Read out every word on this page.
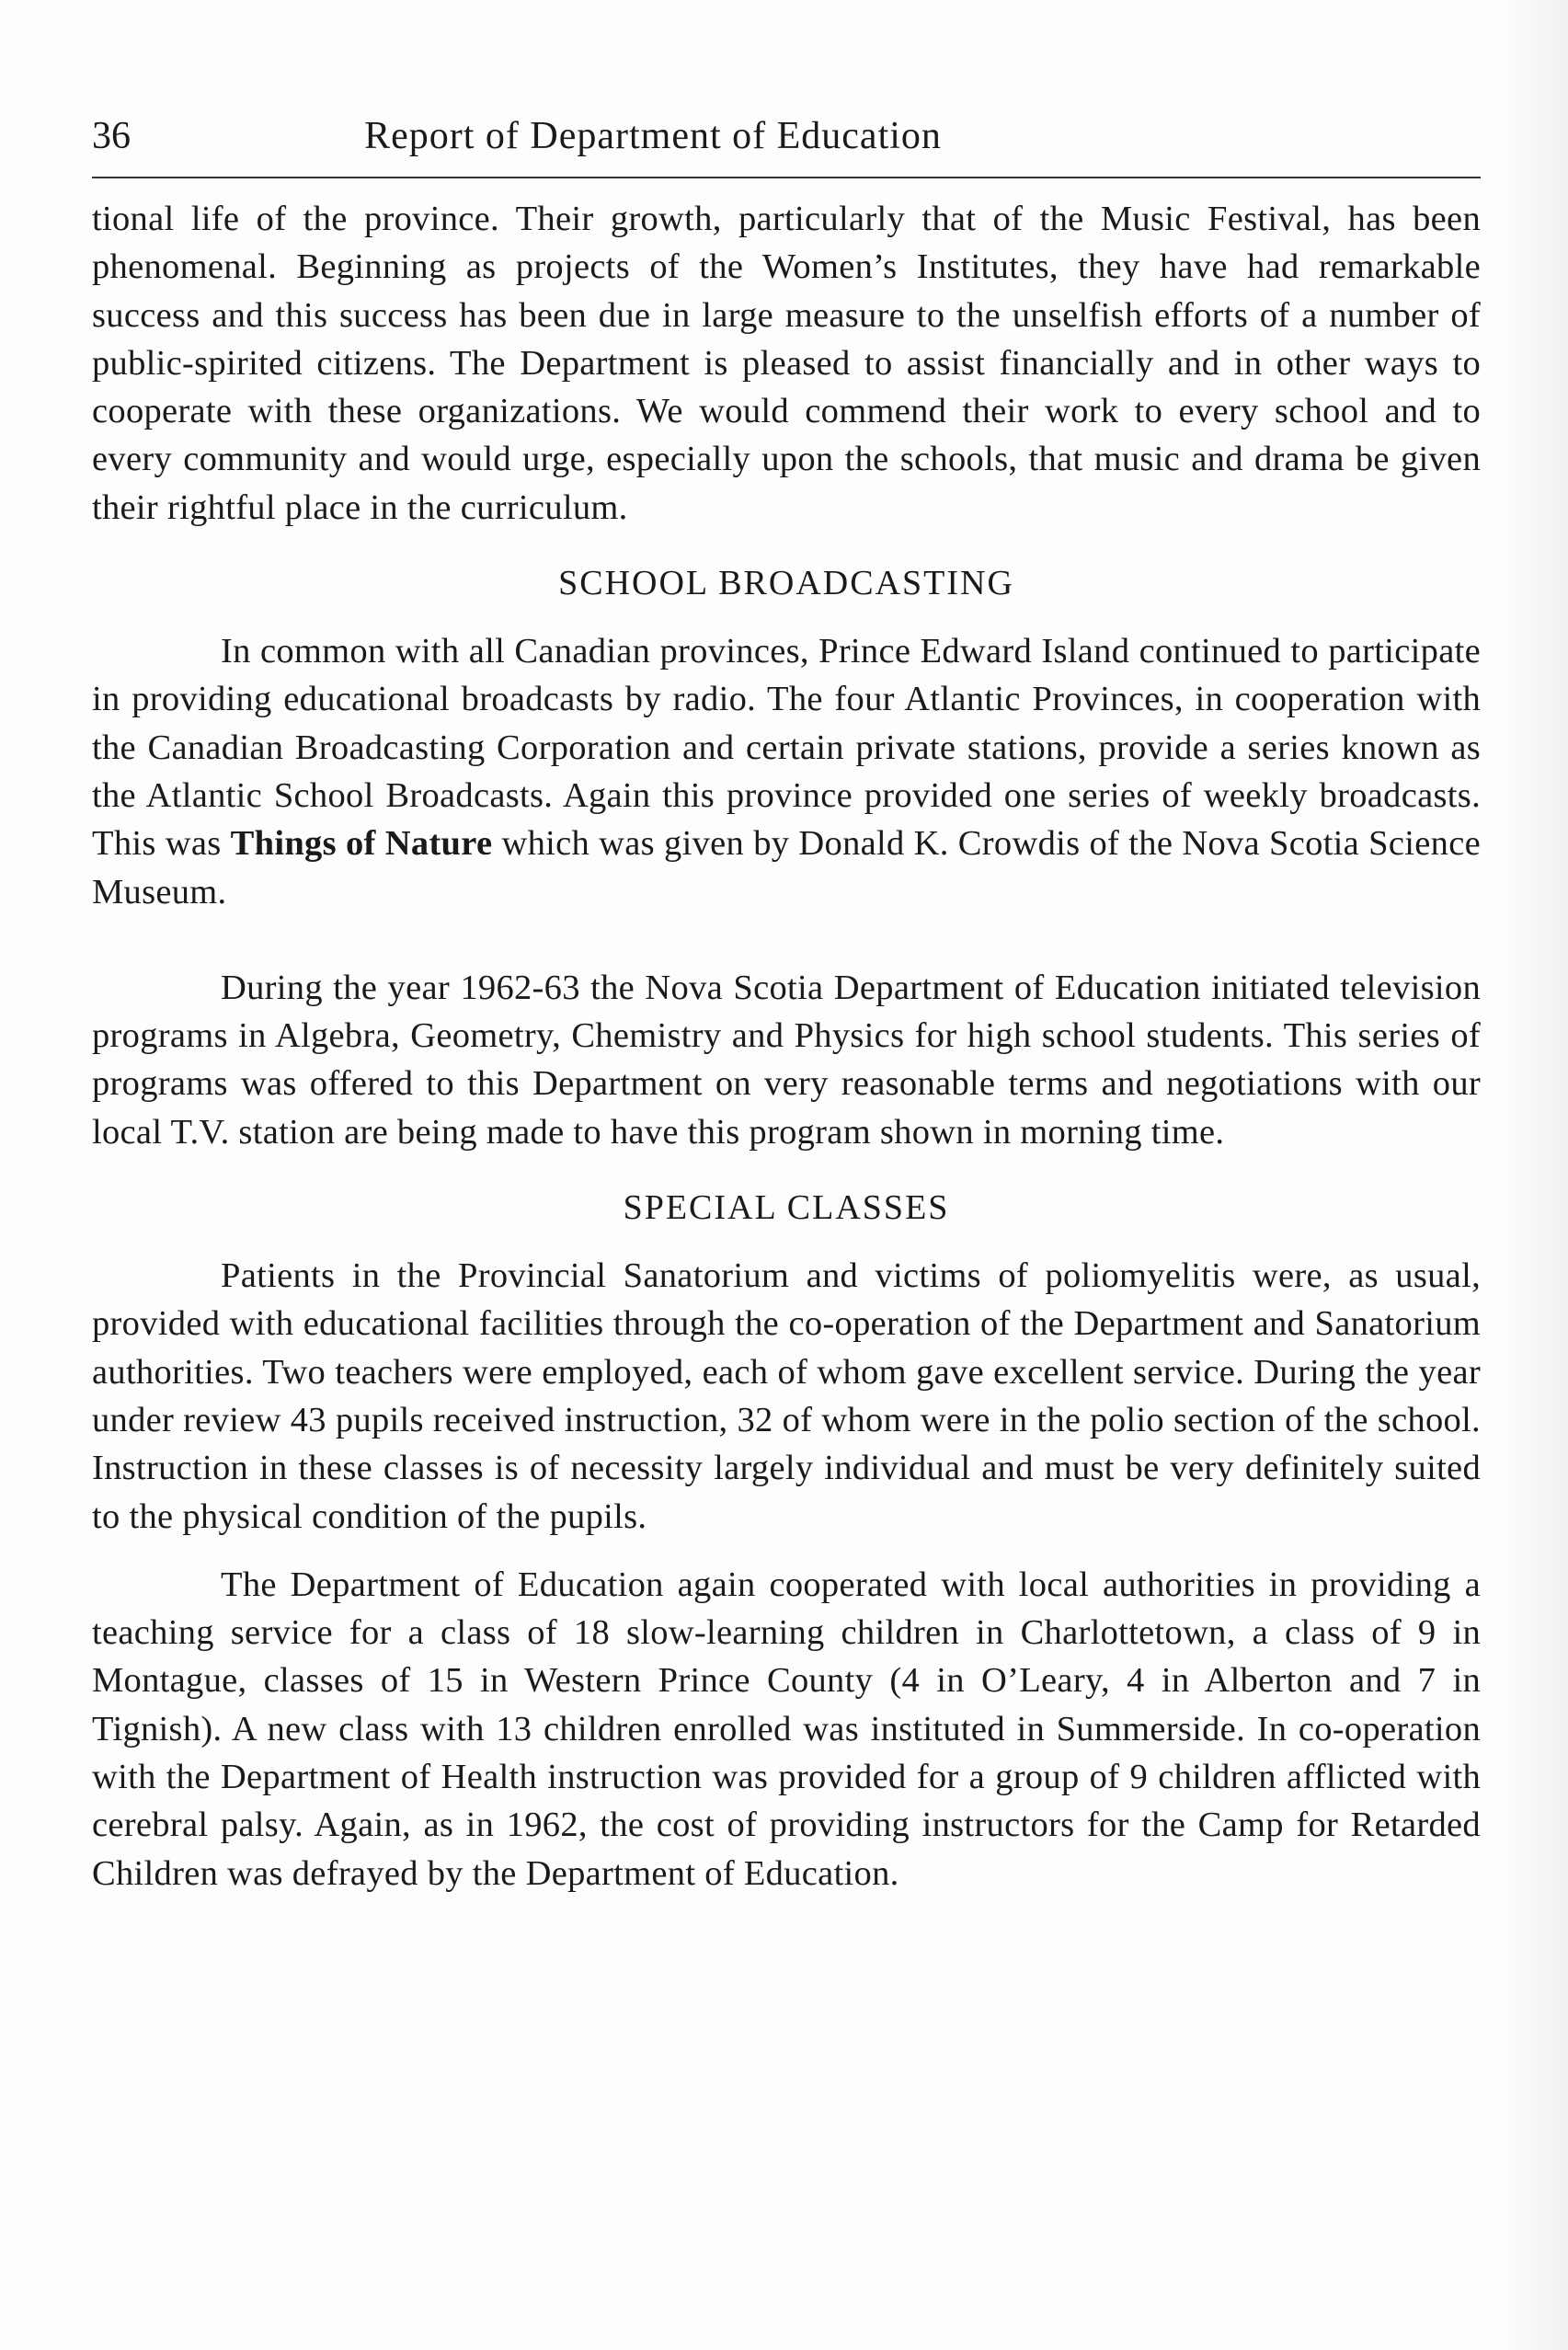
36	Report of Department of Education

tional life of the province. Their growth, particularly that of the Music Festival, has been phenomenal. Beginning as projects of the Women’s Institutes, they have had remarkable success and this success has been due in large measure to the unselfish efforts of a number of public-spirited citizens. The Department is pleased to assist financially and in other ways to cooperate with these organizations. We would commend their work to every school and to every community and would urge, especially upon the schools, that music and drama be given their rightful place in the curriculum.

SCHOOL BROADCASTING

In common with all Canadian provinces, Prince Edward Island continued to participate in providing educational broadcasts by radio. The four Atlantic Provinces, in cooperation with the Canadian Broadcasting Corporation and certain private stations, provide a series known as the Atlantic School Broadcasts. Again this province provided one series of weekly broadcasts. This was Things of Nature which was given by Donald K. Crowdis of the Nova Scotia Science Museum.

During the year 1962-63 the Nova Scotia Department of Education initiated television programs in Algebra, Geometry, Chemistry and Physics for high school students. This series of programs was offered to this Department on very reasonable terms and negotiations with our local T.V. station are being made to have this program shown in morning time.

SPECIAL CLASSES

Patients in the Provincial Sanatorium and victims of poliomyelitis were, as usual, provided with educational facilities through the co-operation of the Department and Sanatorium authorities. Two teachers were employed, each of whom gave excellent service. During the year under review 43 pupils received instruction, 32 of whom were in the polio section of the school. Instruction in these classes is of necessity largely individual and must be very definitely suited to the physical condition of the pupils.

The Department of Education again cooperated with local authorities in providing a teaching service for a class of 18 slow-learning children in Charlottetown, a class of 9 in Montague, classes of 15 in Western Prince County (4 in O’Leary, 4 in Alberton and 7 in Tignish). A new class with 13 children enrolled was instituted in Summerside. In co-operation with the Department of Health instruction was provided for a group of 9 children afflicted with cerebral palsy. Again, as in 1962, the cost of providing instructors for the Camp for Retarded Children was defrayed by the Department of Education.
